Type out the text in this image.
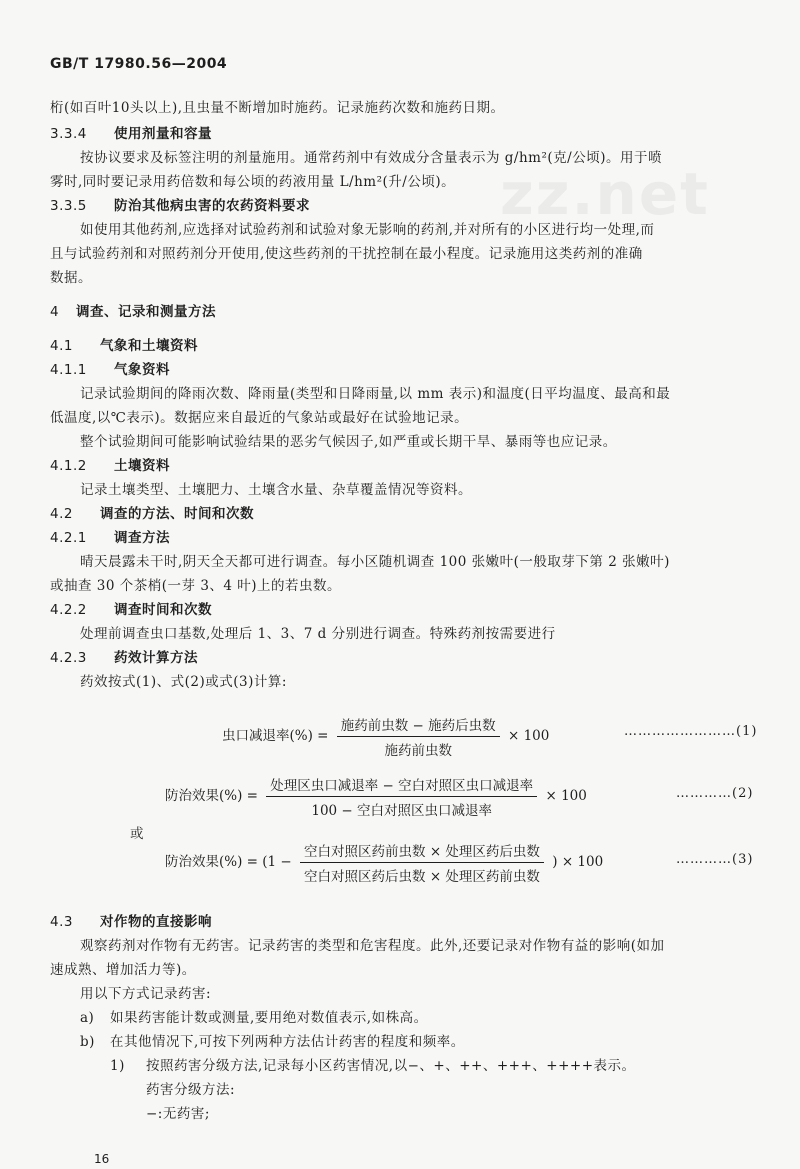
zz.net
GB/T 17980.56—2004
桁(如百叶10头以上),且虫量不断增加时施药。记录施药次数和施药日期。
3.3.4 使用剂量和容量
按协议要求及标签注明的剂量施用。通常药剂中有效成分含量表示为 g/hm²(克/公顷)。用于喷
雾时,同时要记录用药倍数和每公顷的药液用量 L/hm²(升/公顷)。
3.3.5 防治其他病虫害的农药资料要求
如使用其他药剂,应选择对试验药剂和试验对象无影响的药剂,并对所有的小区进行均一处理,而
且与试验药剂和对照药剂分开使用,使这些药剂的干扰控制在最小程度。记录施用这类药剂的准确
数据。
4 调查、记录和测量方法
4.1 气象和土壤资料
4.1.1 气象资料
记录试验期间的降雨次数、降雨量(类型和日降雨量,以 mm 表示)和温度(日平均温度、最高和最
低温度,以℃表示)。数据应来自最近的气象站或最好在试验地记录。
整个试验期间可能影响试验结果的恶劣气候因子,如严重或长期干旱、暴雨等也应记录。
4.1.2 土壤资料
记录土壤类型、土壤肥力、土壤含水量、杂草覆盖情况等资料。
4.2 调查的方法、时间和次数
4.2.1 调查方法
晴天晨露未干时,阴天全天都可进行调查。每小区随机调查 100 张嫩叶(一般取芽下第 2 张嫩叶)
或抽查 30 个茶梢(一芽 3、4 叶)上的若虫数。
4.2.2 调查时间和次数
处理前调查虫口基数,处理后 1、3、7 d 分别进行调查。特殊药剂按需要进行
4.2.3 药效计算方法
药效按式(1)、式(2)或式(3)计算:
虫口减退率(%) = $\frac{\text{施药前虫数 − 施药后虫数}}{\text{施药前虫数}} \times 100$	……………………(1)
防治效果(%) = $\frac{\text{处理区虫口减退率 − 空白对照区虫口减退率}}{\text{100 − 空白对照区虫口减退率}} \times 100$	…………(2)
或
防治效果(%) = ($1 - \frac{\text{空白对照区药前虫数 × 处理区药后虫数}}{\text{空白对照区药后虫数 × 处理区药前虫数}}$ ) × 100	…………(3)
4.3 对作物的直接影响
观察药剂对作物有无药害。记录药害的类型和危害程度。此外,还要记录对作物有益的影响(如加
速成熟、增加活力等)。
用以下方式记录药害:
a) 如果药害能计数或测量,要用绝对数值表示,如株高。
b) 在其他情况下,可按下列两种方法估计药害的程度和频率。
1) 按照药害分级方法,记录每小区药害情况,以−、+、++、+++、++++表示。
药害分级方法:
−:无药害;
16
